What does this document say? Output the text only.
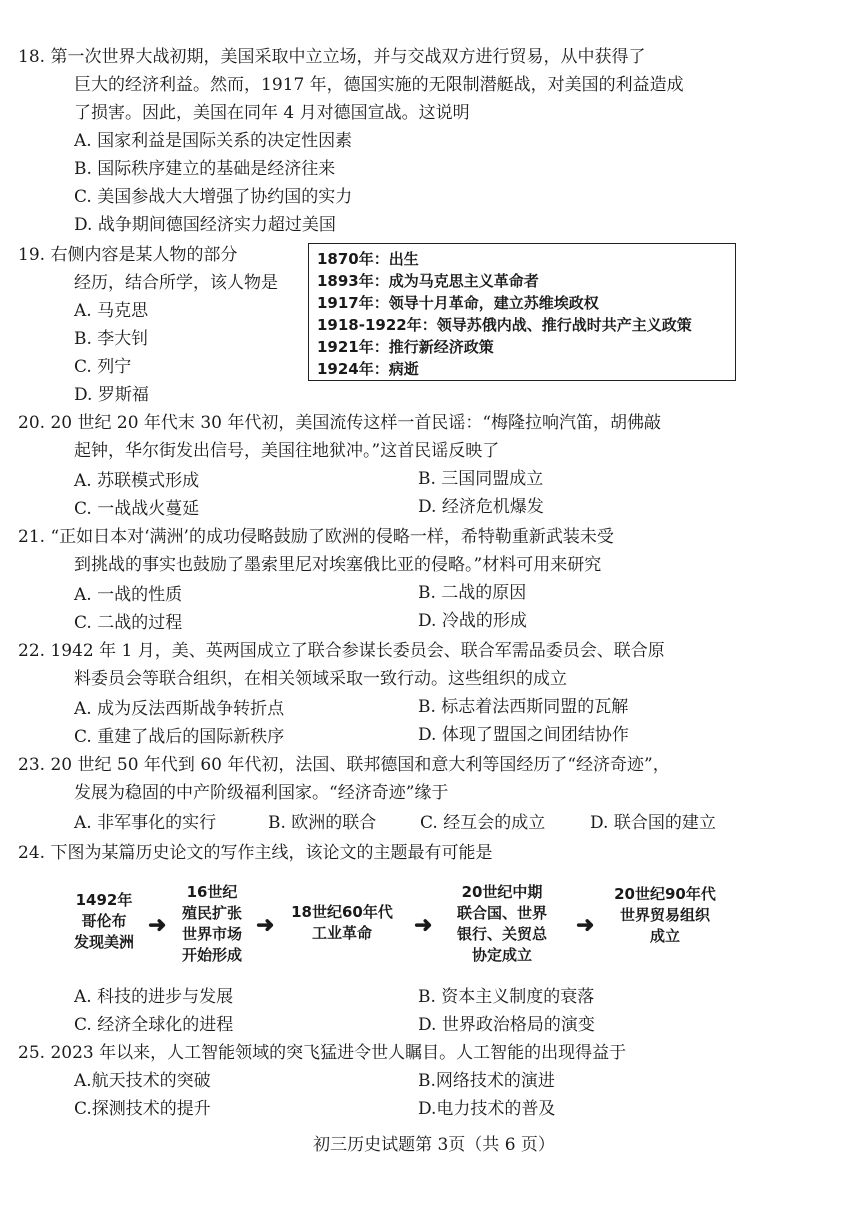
18. 第一次世界大战初期，美国采取中立立场，并与交战双方进行贸易，从中获得了
巨大的经济利益。然而，1917 年，德国实施的无限制潜艇战，对美国的利益造成
了损害。因此，美国在同年 4 月对德国宣战。这说明
A. 国家利益是国际关系的决定性因素
B. 国际秩序建立的基础是经济往来
C. 美国参战大大增强了协约国的实力
D. 战争期间德国经济实力超过美国
19. 右侧内容是某人物的部分
经历，结合所学，该人物是
A. 马克思
B. 李大钊
C. 列宁
D. 罗斯福
1870年：出生
1893年：成为马克思主义革命者
1917年：领导十月革命，建立苏维埃政权
1918-1922年：领导苏俄内战、推行战时共产主义政策
1921年：推行新经济政策
1924年：病逝
20. 20 世纪 20 年代末 30 年代初，美国流传这样一首民谣：“梅隆拉响汽笛，胡佛敲
起钟，华尔街发出信号，美国往地狱冲。”这首民谣反映了
A. 苏联模式形成	B. 三国同盟成立
C. 一战战火蔓延	D. 经济危机爆发
21. “正如日本对‘满洲’的成功侵略鼓励了欧洲的侵略一样，希特勒重新武装未受
到挑战的事实也鼓励了墨索里尼对埃塞俄比亚的侵略。”材料可用来研究
A. 一战的性质	B. 二战的原因
C. 二战的过程	D. 冷战的形成
22. 1942 年 1 月，美、英两国成立了联合参谋长委员会、联合军需品委员会、联合原
料委员会等联合组织，在相关领域采取一致行动。这些组织的成立
A. 成为反法西斯战争转折点	B. 标志着法西斯同盟的瓦解
C. 重建了战后的国际新秩序	D. 体现了盟国之间团结协作
23. 20 世纪 50 年代到 60 年代初，法国、联邦德国和意大利等国经历了“经济奇迹”，
发展为稳固的中产阶级福利国家。“经济奇迹”缘于
A. 非军事化的实行	B. 欧洲的联合	C. 经互会的成立	D. 联合国的建立
24. 下图为某篇历史论文的写作主线，该论文的主题最有可能是
1492年
哥伦布
发现美洲
➜
16世纪
殖民扩张
世界市场
开始形成
➜	18世纪60年代
工业革命	➜
20世纪中期
联合国、世界
银行、关贸总
协定成立
➜
20世纪90年代
世界贸易组织
成立
A. 科技的进步与发展	B. 资本主义制度的衰落
C. 经济全球化的进程	D. 世界政治格局的演变
25. 2023 年以来，人工智能领域的突飞猛进令世人瞩目。人工智能的出现得益于
A.航天技术的突破	B.网络技术的演进
C.探测技术的提升	D.电力技术的普及
初三历史试题第 3页（共 6 页）
